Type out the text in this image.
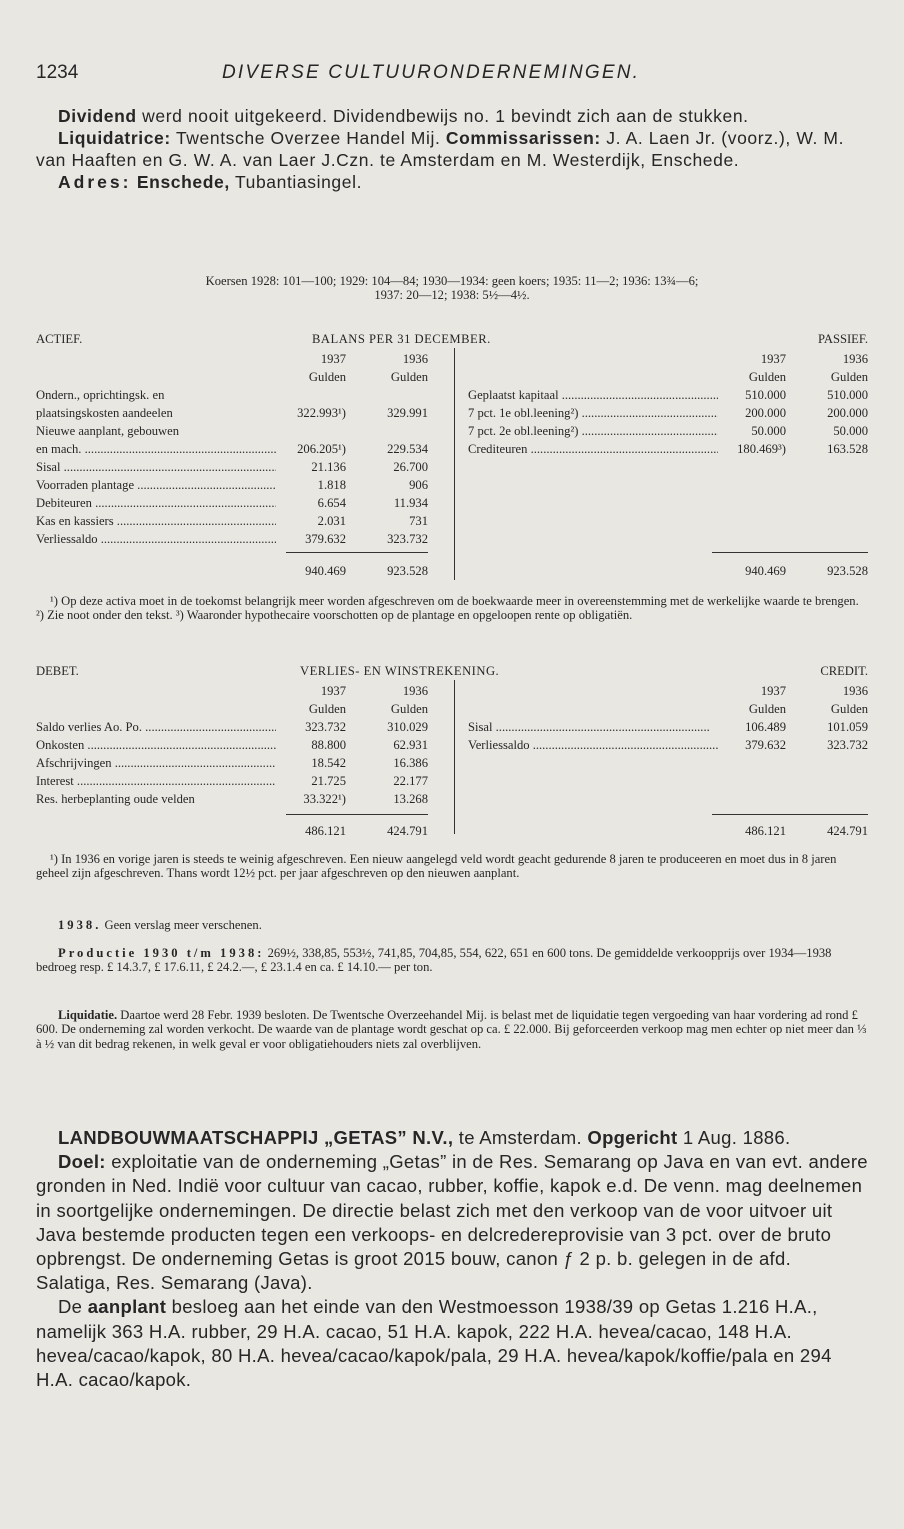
1234	DIVERSE CULTUURONDERNEMINGEN.
Dividend werd nooit uitgekeerd. Dividendbewijs no. 1 bevindt zich aan de stukken.
Liquidatrice: Twentsche Overzee Handel Mij. Commissarissen: J. A. Laen Jr. (voorz.), W. M. van Haaften en G. W. A. van Laer J.Czn. te Amsterdam en M. Westerdijk, Enschede.
Adres: Enschede, Tubantiasingel.
Koersen 1928: 101—100; 1929: 104—84; 1930—1934: geen koers; 1935: 11—2; 1936: 13¾—6;
1937: 20—12; 1938: 5½—4½.
ACTIEF.	BALANS PER 31 DECEMBER.	PASSIEF.
1937	1936
Gulden	Gulden
1937	1936
Gulden	Gulden
Ondern., oprichtingsk. en
plaatsingskosten aandeelen	322.993¹)	329.991
Nieuwe aanplant, gebouwen
en mach. .....	206.205¹)	229.534
Sisal .....	21.136	26.700
Voorraden plantage .....	1.818	906
Debiteuren .....	6.654	11.934
Kas en kassiers .....	2.031	731
Verliessaldo .....	379.632	323.732
Geplaatst kapitaal .....	510.000	510.000
7 pct. 1e obl.leening²) .....	200.000	200.000
7 pct. 2e obl.leening²) .....	50.000	50.000
Crediteuren .....	180.469³)	163.528
940.469	923.528	940.469	923.528
¹) Op deze activa moet in de toekomst belangrijk meer worden afgeschreven om de boekwaarde meer in overeenstemming met de werkelijke waarde te brengen. ²) Zie noot onder den tekst. ³) Waaronder hypothecaire voorschotten op de plantage en opgeloopen rente op obligatiën.
DEBET.	VERLIES- EN WINSTREKENING.	CREDIT.
1937	1936
Gulden	Gulden
1937	1936
Gulden	Gulden
Saldo verlies Ao. Po. .....	323.732	310.029
Onkosten .....	88.800	62.931
Afschrijvingen .....	18.542	16.386
Interest .....	21.725	22.177
Res. herbeplanting oude velden	33.322¹)	13.268
Sisal .....	106.489	101.059
Verliessaldo .....	379.632	323.732
486.121	424.791	486.121	424.791
¹) In 1936 en vorige jaren is steeds te weinig afgeschreven. Een nieuw aangelegd veld wordt geacht gedurende 8 jaren te produceeren en moet dus in 8 jaren geheel zijn afgeschreven. Thans wordt 12½ pct. per jaar afgeschreven op den nieuwen aanplant.
1938. Geen verslag meer verschenen.
Productie 1930 t/m 1938: 269½, 338,85, 553½, 741,85, 704,85, 554, 622, 651 en 600 tons. De gemiddelde verkoopprijs over 1934—1938 bedroeg resp. £ 14.3.7, £ 17.6.11, £ 24.2.—, £ 23.1.4 en ca. £ 14.10.— per ton.
Liquidatie. Daartoe werd 28 Febr. 1939 besloten. De Twentsche Overzeehandel Mij. is belast met de liquidatie tegen vergoeding van haar vordering ad rond £ 600. De onderneming zal worden verkocht. De waarde van de plantage wordt geschat op ca. £ 22.000. Bij geforceerden verkoop mag men echter op niet meer dan ⅓ à ½ van dit bedrag rekenen, in welk geval er voor obligatiehouders niets zal overblijven.
LANDBOUWMAATSCHAPPIJ „GETAS” N.V., te Amsterdam. Opgericht 1 Aug. 1886.
Doel: exploitatie van de onderneming „Getas” in de Res. Semarang op Java en van evt. andere gronden in Ned. Indië voor cultuur van cacao, rubber, koffie, kapok e.d. De venn. mag deelnemen in soortgelijke ondernemingen. De directie belast zich met den verkoop van de voor uitvoer uit Java bestemde producten tegen een verkoops- en delcredereprovisie van 3 pct. over de bruto opbrengst. De onderneming Getas is groot 2015 bouw, canon ƒ 2 p. b. gelegen in de afd. Salatiga, Res. Semarang (Java).
De aanplant besloeg aan het einde van den Westmoesson 1938/39 op Getas 1.216 H.A., namelijk 363 H.A. rubber, 29 H.A. cacao, 51 H.A. kapok, 222 H.A. hevea/cacao, 148 H.A. hevea/cacao/kapok, 80 H.A. hevea/cacao/kapok/pala, 29 H.A. hevea/kapok/koffie/pala en 294 H.A. cacao/kapok.
